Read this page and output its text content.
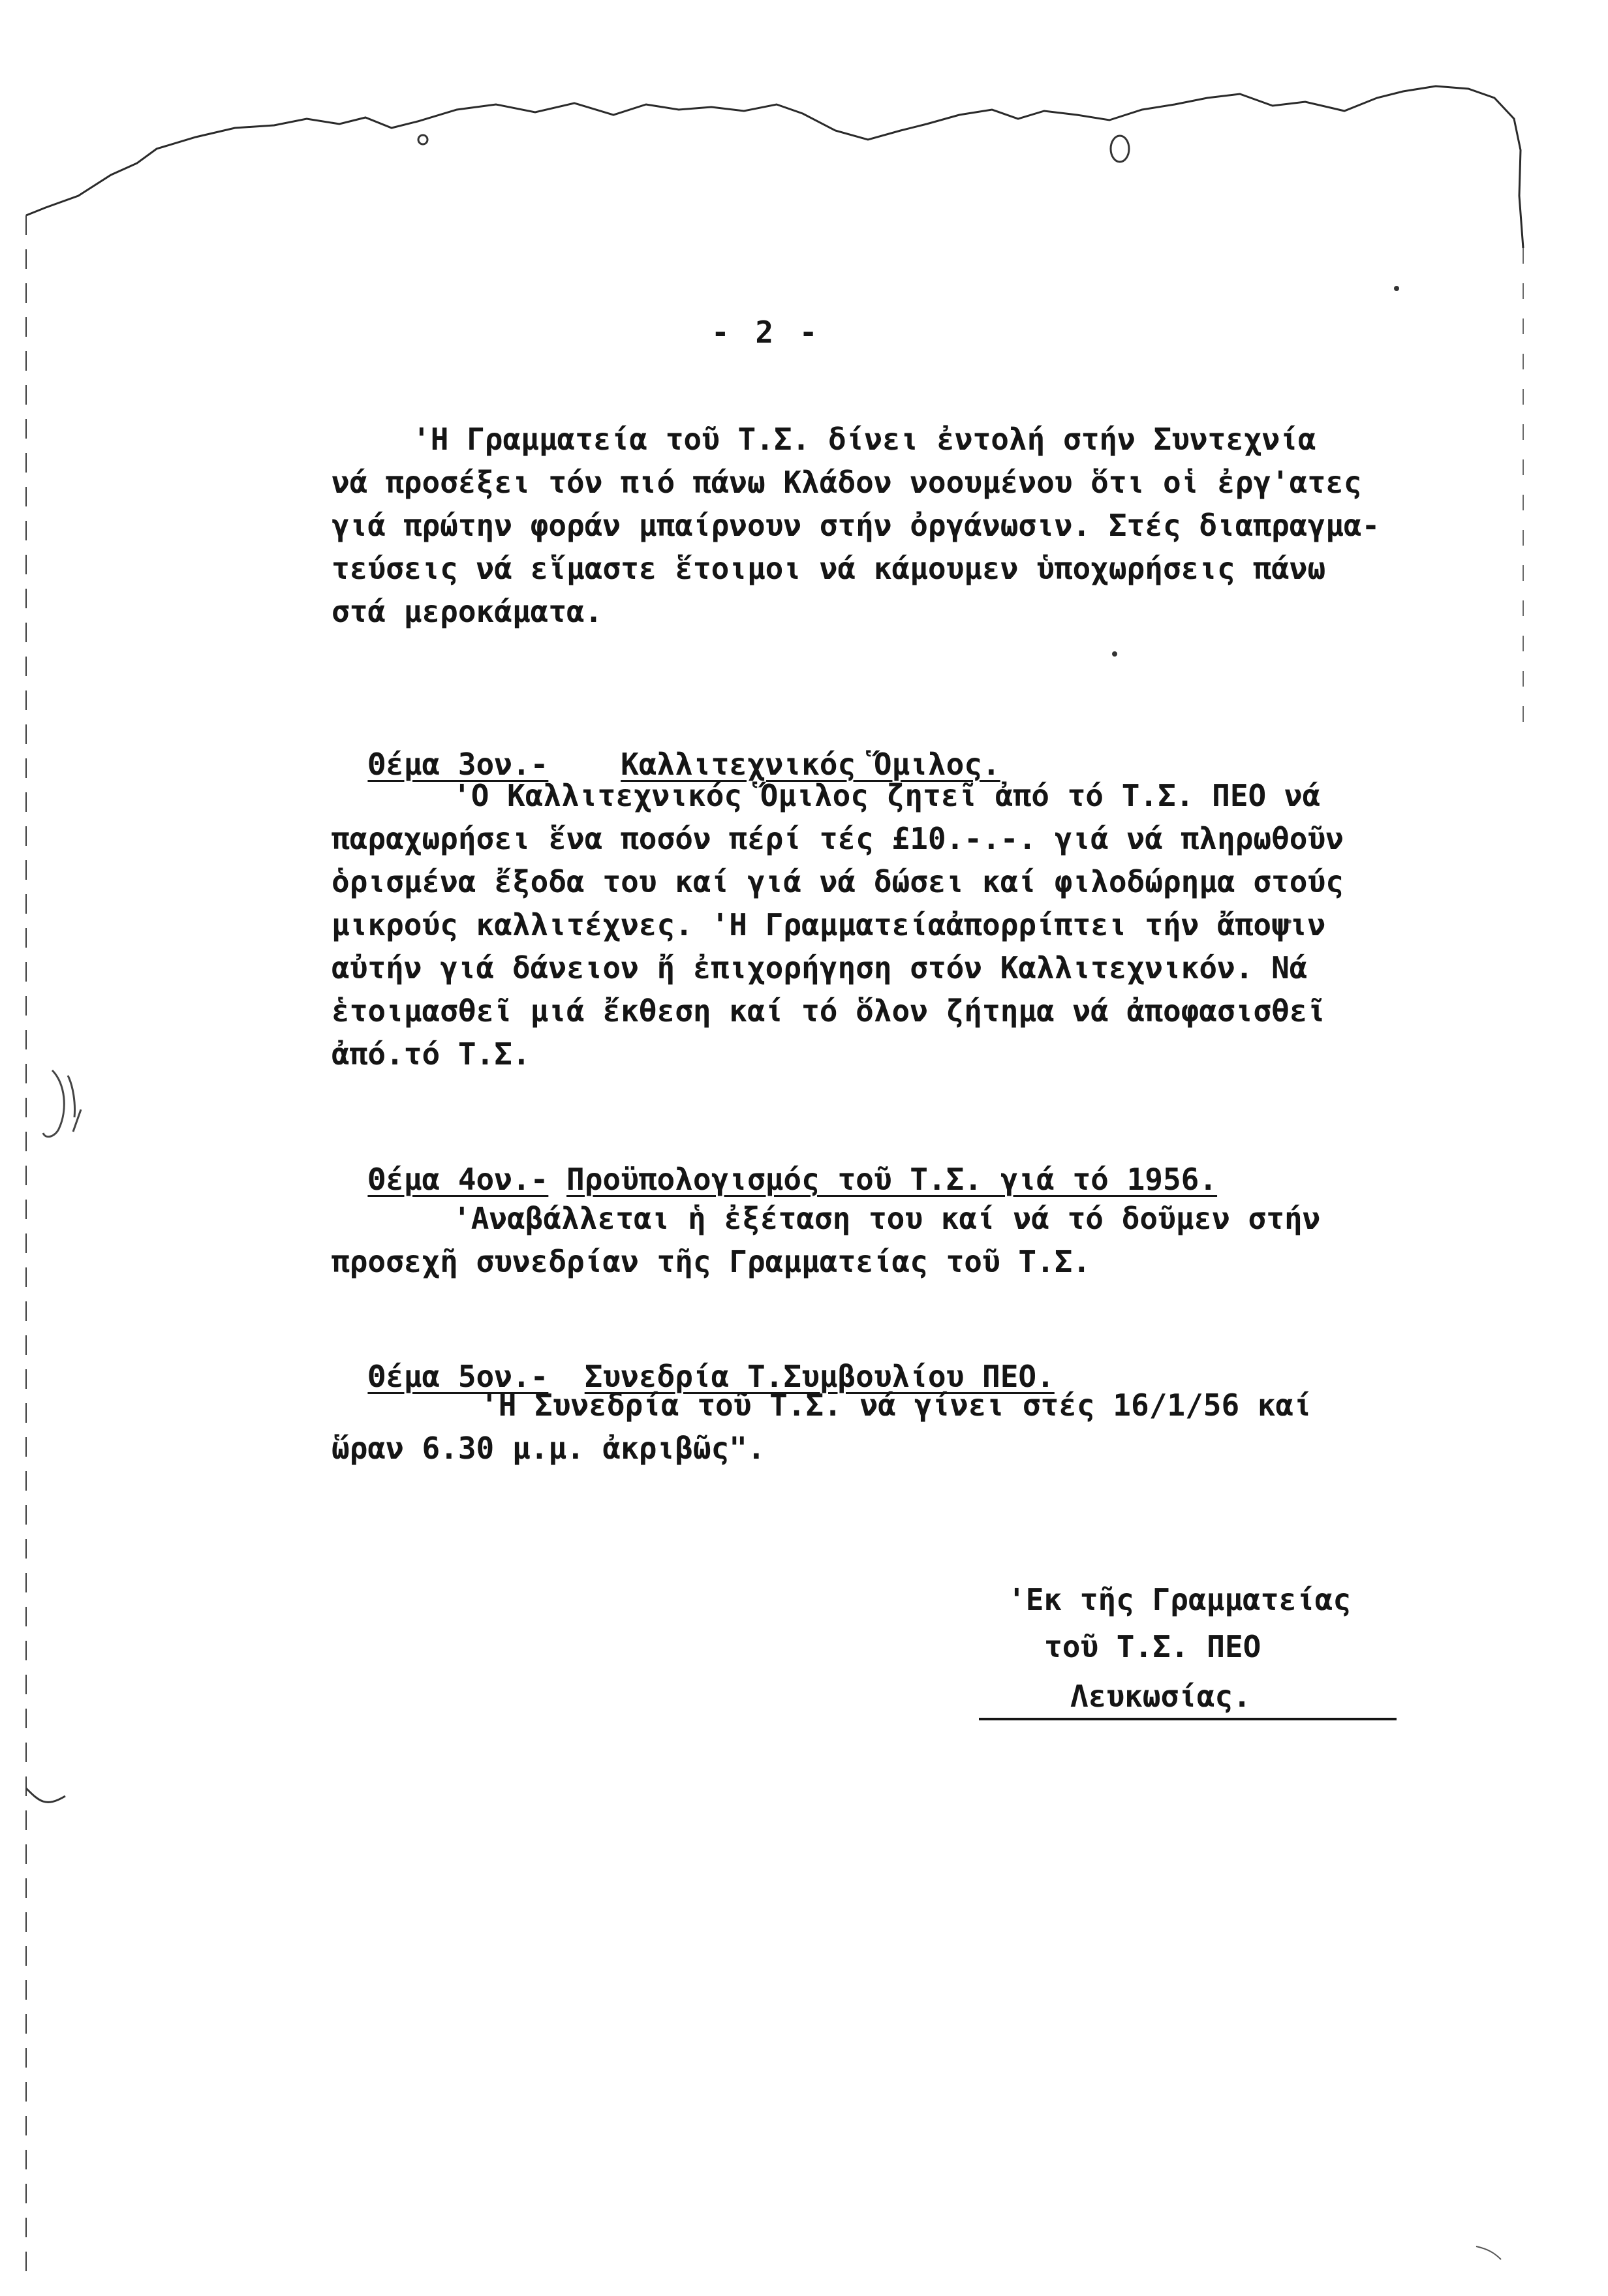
2
- 2 -

'Η Γραμματεία τοῦ Τ.Σ. δίνει ἐντολή στήν Συντεχνία

νά προσέξει τόν πιό πάνω Κλάδον νοουμένου ὅτι οἱ ἐργ'ατες

γιά πρώτην φοράν μπαίρνουν στήν ὀργάνωσιν. Στές διαπραγμα-

τεύσεις νά εἵμαστε ἕτοιμοι νά κάμουμεν ὑποχωρήσεις πάνω

στά μεροκάματα.

Θέμα 3ον.- Καλλιτεχνικός Ὅμιλος.

'Ο Καλλιτεχνικός Ὅμιλος ζητεῖ ἀπό τό Τ.Σ. ΠΕΟ νά

παραχωρήσει ἕνα ποσόν πέρί τές £10.-.-. γιά νά πληρωθοῦν

ὁρισμένα ἔξοδα του καί γιά νά δώσει καί φιλοδώρημα στούς

μικρούς καλλιτέχνες. 'Η Γραμματείαἀπορρίπτει τήν ἄποψιν

αὐτήν γιά δάνειον ἤ ἐπιχορήγηση στόν Καλλιτεχνικόν. Νά

ἑτοιμασθεῖ μιά ἔκθεση καί τό ὅλον ζήτημα νά ἀποφασισθεῖ

ἀπό.τό Τ.Σ.

Θέμα 4ον.- Προϋπολογισμός τοῦ Τ.Σ. γιά τό 1956.

'Αναβάλλεται ἡ ἐξέταση του καί νά τό δοῦμεν στήν

προσεχῆ συνεδρίαν τῆς Γραμματείας τοῦ Τ.Σ.

Θέμα 5ον.- Συνεδρία Τ.Συμβουλίου ΠΕΟ.

'Η Συνεδρία τοῦ Τ.Σ. νά γίνει στές 16/1/56 καί

ὥραν 6.30 μ.μ. ἀκριβῶς".

'Εκ τῆς Γραμματείας
τοῦ Τ.Σ. ΠΕΟ
Λευκωσίας.
